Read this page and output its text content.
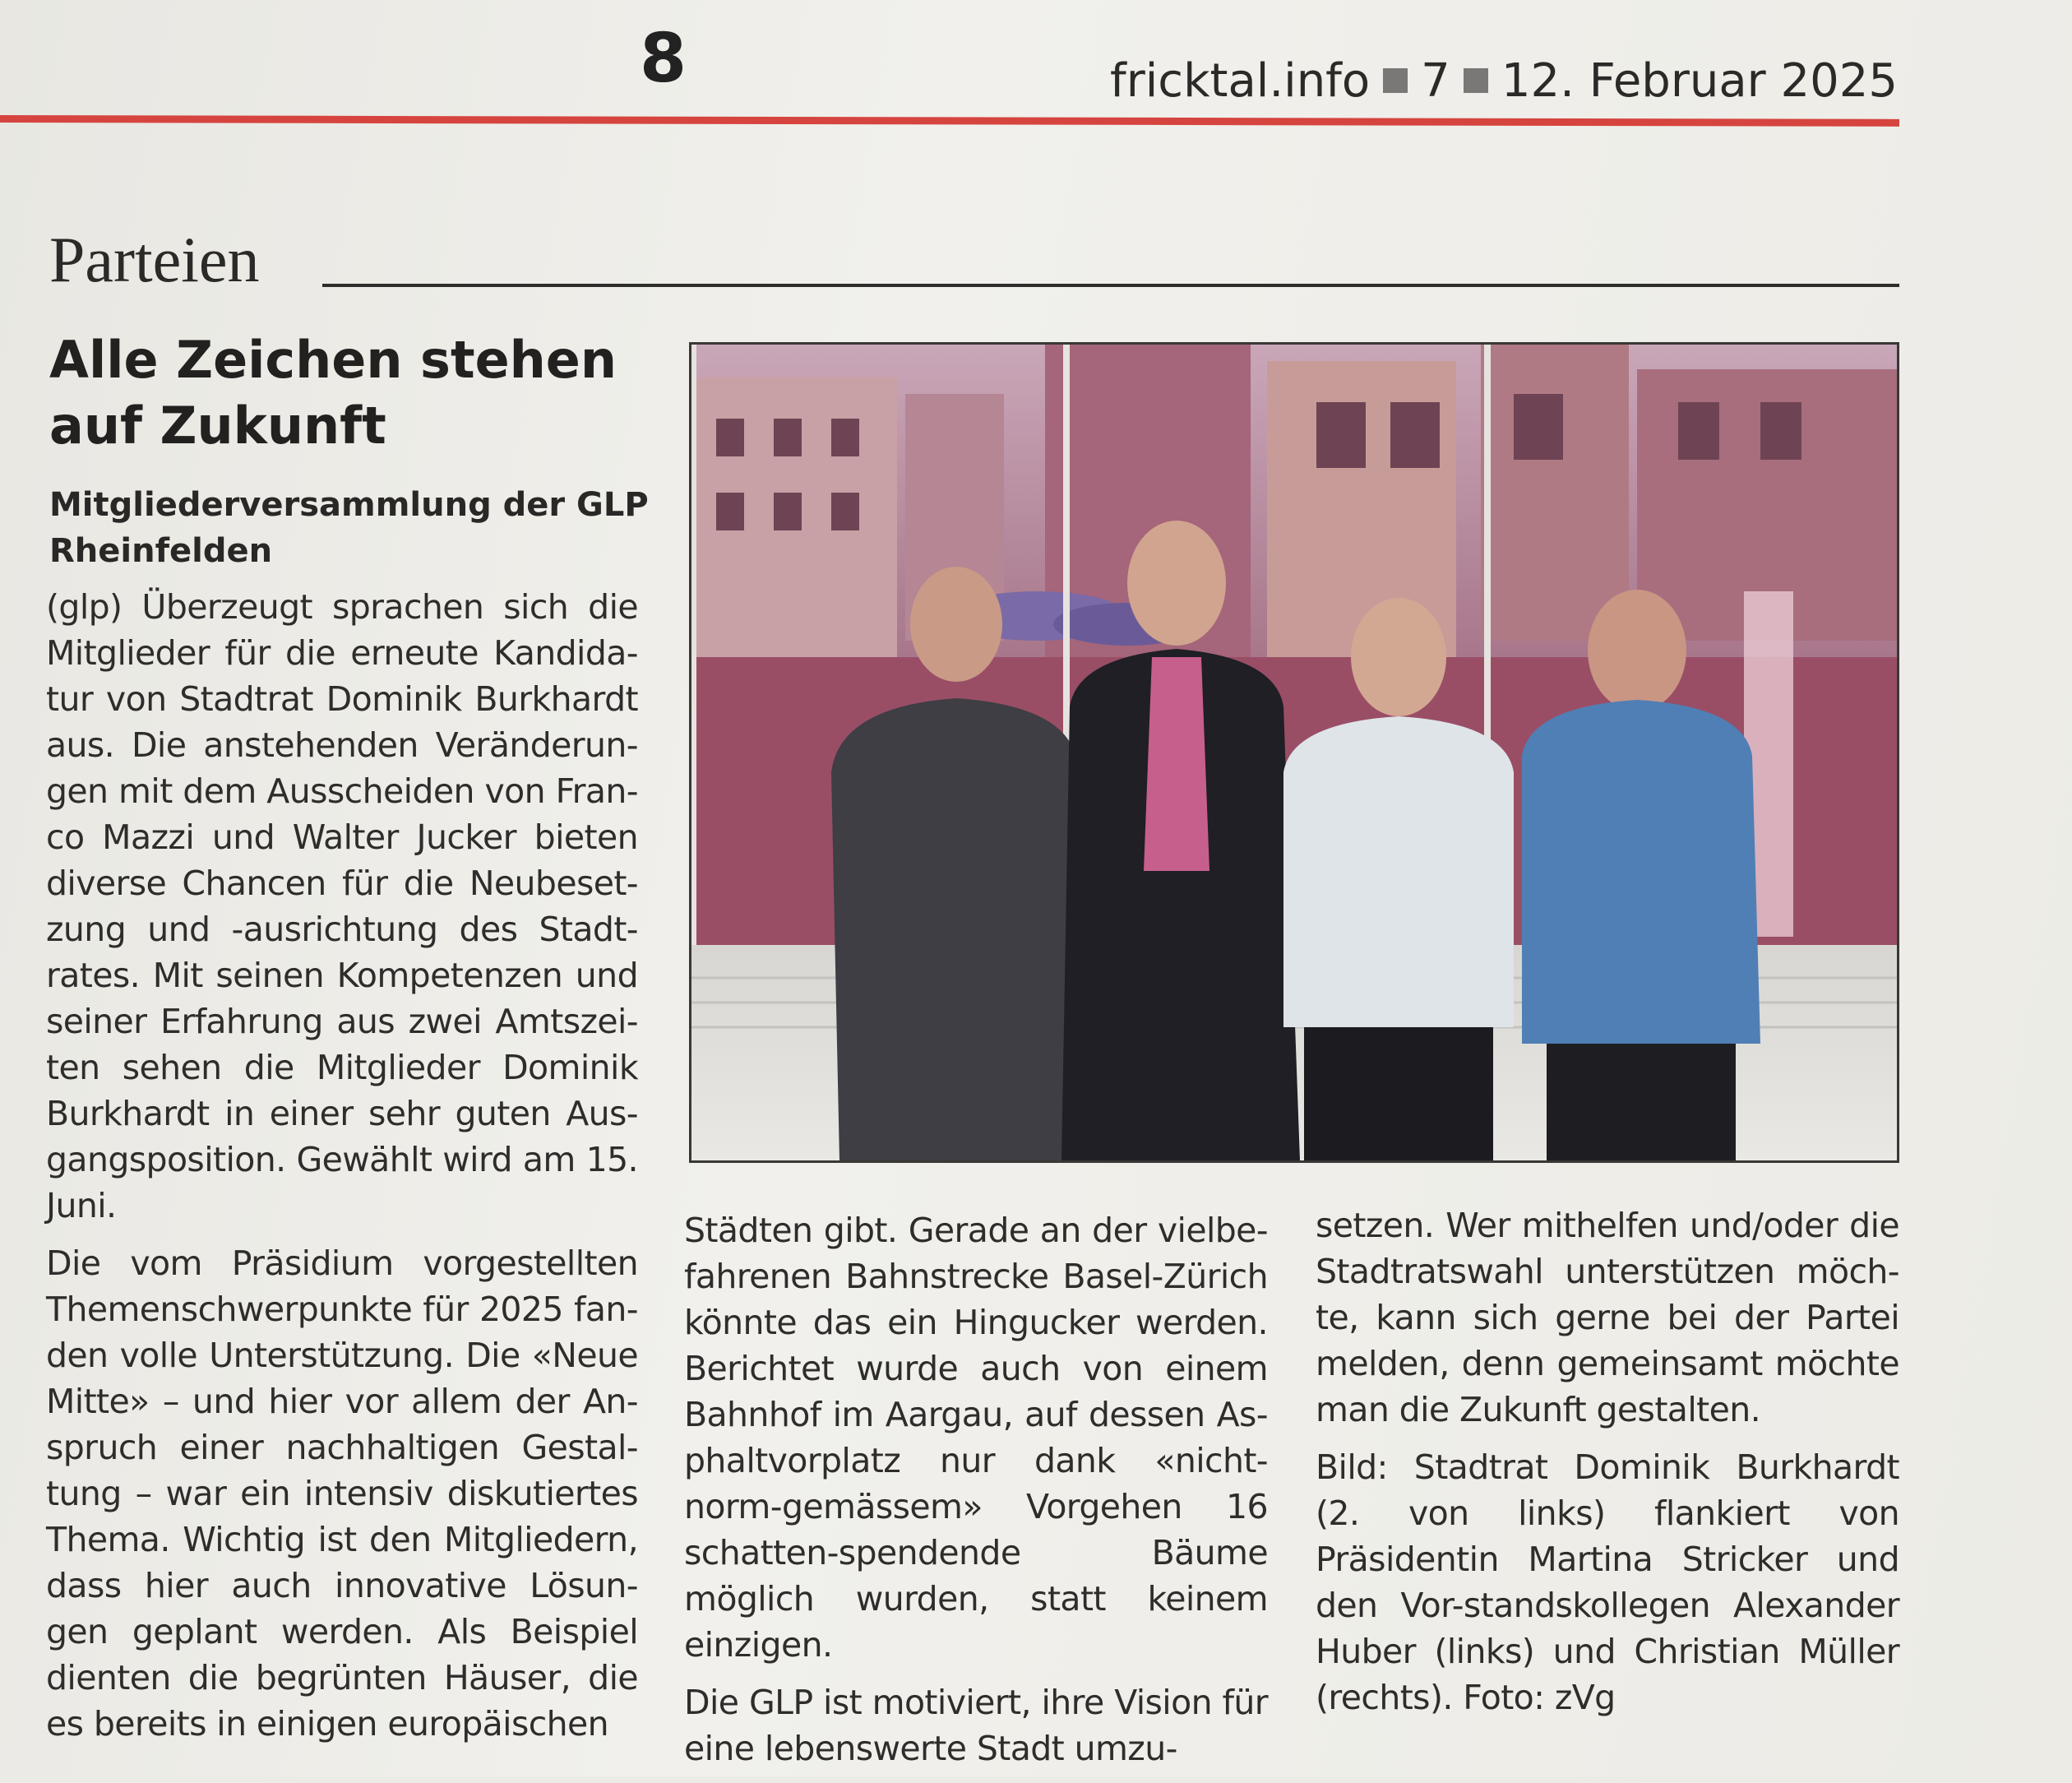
8	fricktal.info 7 12. Februar 2025
Parteien
Alle Zeichen stehen auf Zukunft
Mitgliederversammlung der GLP Rheinfelden

(glp) Überzeugt sprachen sich die Mitglieder für die erneute Kandida-tur von Stadtrat Dominik Burkhardt aus. Die anstehenden Veränderun-gen mit dem Ausscheiden von Fran-co Mazzi und Walter Jucker bieten diverse Chancen für die Neubeset-zung und -ausrichtung des Stadt-rates. Mit seinen Kompetenzen und seiner Erfahrung aus zwei Amtszei-ten sehen die Mitglieder Dominik Burkhardt in einer sehr guten Aus-gangsposition. Gewählt wird am 15. Juni.

Die vom Präsidium vorgestellten Themenschwerpunkte für 2025 fan-den volle Unterstützung. Die «Neue Mitte» – und hier vor allem der An-spruch einer nachhaltigen Gestal-tung – war ein intensiv diskutiertes Thema. Wichtig ist den Mitgliedern, dass hier auch innovative Lösun-gen geplant werden. Als Beispiel dienten die begrünten Häuser, die es bereits in einigen europäischen

Städten gibt. Gerade an der vielbe-fahrenen Bahnstrecke Basel-Zürich könnte das ein Hingucker werden. Berichtet wurde auch von einem Bahnhof im Aargau, auf dessen As-phaltvorplatz nur dank «nicht-norm-gemässem» Vorgehen 16 schatten-spendende Bäume möglich wurden, statt keinem einzigen.

Die GLP ist motiviert, ihre Vision für eine lebenswerte Stadt umzu-

setzen. Wer mithelfen und/oder die Stadtratswahl unterstützen möch-te, kann sich gerne bei der Partei melden, denn gemeinsamt möchte man die Zukunft gestalten.

Bild: Stadtrat Dominik Burkhardt (2. von links) flankiert von Präsidentin Martina Stricker und den Vor-standskollegen Alexander Huber (links) und Christian Müller (rechts). Foto: zVg
